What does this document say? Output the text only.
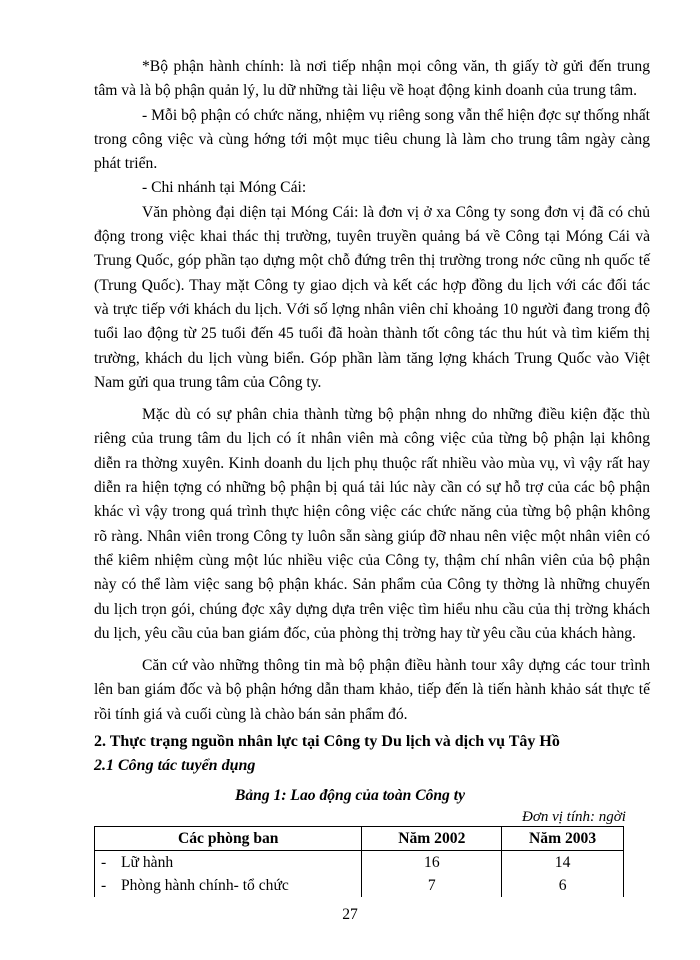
*Bộ phận hành chính: là nơi tiếp nhận mọi công văn, th giấy tờ gửi đến trung tâm và là bộ phận quản lý, lu dữ những tài liệu về hoạt động kinh doanh của trung tâm.

- Mỗi bộ phận có chức năng, nhiệm vụ riêng song vẫn thể hiện đợc sự thống nhất trong công việc và cùng hớng tới một mục tiêu chung là làm cho trung tâm ngày càng phát triển.

- Chi nhánh tại Móng Cái:

Văn phòng đại diện tại Móng Cái: là đơn vị ở xa Công ty song đơn vị đã có chủ động trong việc khai thác thị trường, tuyên truyền quảng bá về Công tại Móng Cái và Trung Quốc, góp phần tạo dựng một chỗ đứng trên thị trường trong nớc cũng nh quốc tế (Trung Quốc). Thay mặt Công ty giao dịch và kết các hợp đồng du lịch với các đối tác và trực tiếp với khách du lịch. Với số lợng nhân viên chỉ khoảng 10 người đang trong độ tuổi lao động từ 25 tuổi đến 45 tuổi đã hoàn thành tốt công tác thu hút và tìm kiếm thị trường, khách du lịch vùng biển. Góp phần làm tăng lợng khách Trung Quốc vào Việt Nam gửi qua trung tâm của Công ty.

Mặc dù có sự phân chia thành từng bộ phận nhng do những điều kiện đặc thù riêng của trung tâm du lịch có ít nhân viên mà công việc của từng bộ phận lại không diễn ra thờng xuyên. Kinh doanh du lịch phụ thuộc rất nhiều vào mùa vụ, vì vậy rất hay diễn ra hiện tợng có những bộ phận bị quá tải lúc này cần có sự hỗ trợ của các bộ phận khác vì vậy trong quá trình thực hiện công việc các chức năng của từng bộ phận không rõ ràng. Nhân viên trong Công ty luôn sẵn sàng giúp đỡ nhau nên việc một nhân viên có thể kiêm nhiệm cùng một lúc nhiều việc của Công ty, thậm chí nhân viên của bộ phận này có thể làm việc sang bộ phận khác. Sản phẩm của Công ty thờng là những chuyến du lịch trọn gói, chúng đợc xây dựng dựa trên việc tìm hiểu nhu cầu của thị trờng khách du lịch, yêu cầu của ban giám đốc, của phòng thị trờng hay từ yêu cầu của khách hàng.

Căn cứ vào những thông tin mà bộ phận điều hành tour xây dựng các tour trình lên ban giám đốc và bộ phận hớng dẫn tham khảo, tiếp đến là tiến hành khảo sát thực tế rồi tính giá và cuối cùng là chào bán sản phẩm đó.

2. Thực trạng nguồn nhân lực tại Công ty Du lịch và dịch vụ Tây Hồ
2.1 Công tác tuyển dụng
Bảng 1: Lao động của toàn Công ty
Đơn vị tính: ngời
Các phòng ban	Năm 2002	Năm 2003
- Lữ hành	16	14
- Phòng hành chính- tổ chức	7	6
27
